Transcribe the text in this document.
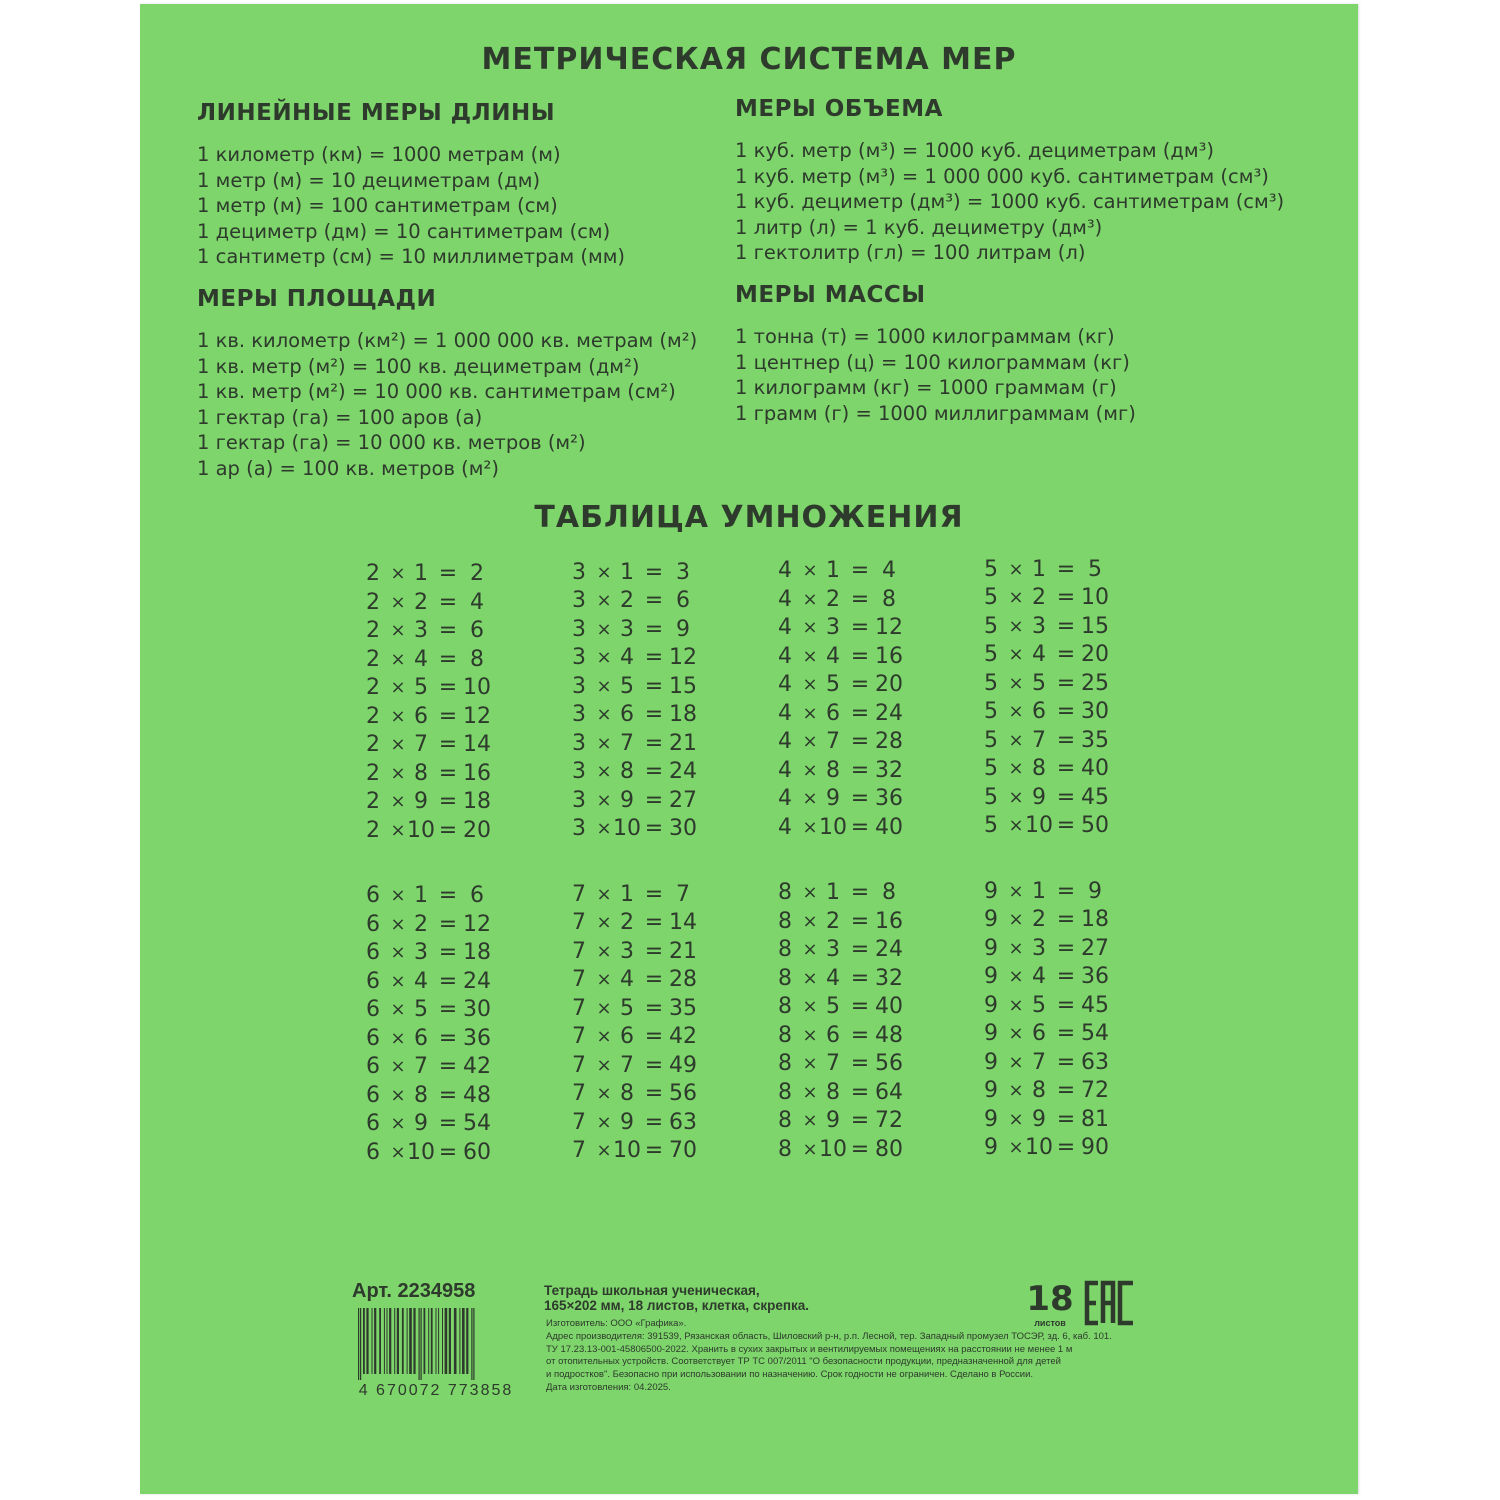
МЕТРИЧЕСКАЯ СИСТЕМА МЕР
ЛИНЕЙНЫЕ МЕРЫ ДЛИНЫ
1 километр (км) = 1000 метрам (м)
1 метр (м) = 10 дециметрам (дм)
1 метр (м) = 100 сантиметрам (см)
1 дециметр (дм) = 10 сантиметрам (см)
1 сантиметр (см) = 10 миллиметрам (мм)
МЕРЫ ОБЪЕМА
1 куб. метр (м³) = 1000 куб. дециметрам (дм³)
1 куб. метр (м³) = 1 000 000 куб. сантиметрам (см³)
1 куб. дециметр (дм³) = 1000 куб. сантиметрам (см³)
1 литр (л) = 1 куб. дециметру (дм³)
1 гектолитр (гл) = 100 литрам (л)
МЕРЫ ПЛОЩАДИ
1 кв. километр (км²) = 1 000 000 кв. метрам (м²)
1 кв. метр (м²) = 100 кв. дециметрам (дм²)
1 кв. метр (м²) = 10 000 кв. сантиметрам (см²)
1 гектар (га) = 100 аров (а)
1 гектар (га) = 10 000 кв. метров (м²)
1 ар (а) = 100 кв. метров (м²)
МЕРЫ МАССЫ
1 тонна (т) = 1000 килограммам (кг)
1 центнер (ц) = 100 килограммам (кг)
1 килограмм (кг) = 1000 граммам (г)
1 грамм (г) = 1000 миллиграммам (мг)
ТАБЛИЦА УМНОЖЕНИЯ
2 × 1 = 2
2 × 2 = 4
2 × 3 = 6
2 × 4 = 8
2 × 5 = 10
2 × 6 = 12
2 × 7 = 14
2 × 8 = 16
2 × 9 = 18
2 × 10 = 20
3 × 1 = 3
3 × 2 = 6
3 × 3 = 9
3 × 4 = 12
3 × 5 = 15
3 × 6 = 18
3 × 7 = 21
3 × 8 = 24
3 × 9 = 27
3 × 10 = 30
4 × 1 = 4
4 × 2 = 8
4 × 3 = 12
4 × 4 = 16
4 × 5 = 20
4 × 6 = 24
4 × 7 = 28
4 × 8 = 32
4 × 9 = 36
4 × 10 = 40
5 × 1 = 5
5 × 2 = 10
5 × 3 = 15
5 × 4 = 20
5 × 5 = 25
5 × 6 = 30
5 × 7 = 35
5 × 8 = 40
5 × 9 = 45
5 × 10 = 50
6 × 1 = 6
6 × 2 = 12
6 × 3 = 18
6 × 4 = 24
6 × 5 = 30
6 × 6 = 36
6 × 7 = 42
6 × 8 = 48
6 × 9 = 54
6 × 10 = 60
7 × 1 = 7
7 × 2 = 14
7 × 3 = 21
7 × 4 = 28
7 × 5 = 35
7 × 6 = 42
7 × 7 = 49
7 × 8 = 56
7 × 9 = 63
7 × 10 = 70
8 × 1 = 8
8 × 2 = 16
8 × 3 = 24
8 × 4 = 32
8 × 5 = 40
8 × 6 = 48
8 × 7 = 56
8 × 8 = 64
8 × 9 = 72
8 × 10 = 80
9 × 1 = 9
9 × 2 = 18
9 × 3 = 27
9 × 4 = 36
9 × 5 = 45
9 × 6 = 54
9 × 7 = 63
9 × 8 = 72
9 × 9 = 81
9 × 10 = 90
Арт. 2234958
4 670072 773858
Тетрадь школьная ученическая,
165×202 мм, 18 листов, клетка, скрепка.
Изготовитель: ООО «Графика».
Адрес производителя: 391539, Рязанская область, Шиловский р-н, р.п. Лесной, тер. Западный промузел ТОСЭР, зд. 6, каб. 101.
ТУ 17.23.13-001-45806500-2022. Хранить в сухих закрытых и вентилируемых помещениях на расстоянии не менее 1 м
от отопительных устройств. Соответствует ТР ТС 007/2011 "О безопасности продукции, предназначенной для детей
и подростков". Безопасно при использовании по назначению. Срок годности не ограничен. Сделано в России.
Дата изготовления: 04.2025.
18
листов
